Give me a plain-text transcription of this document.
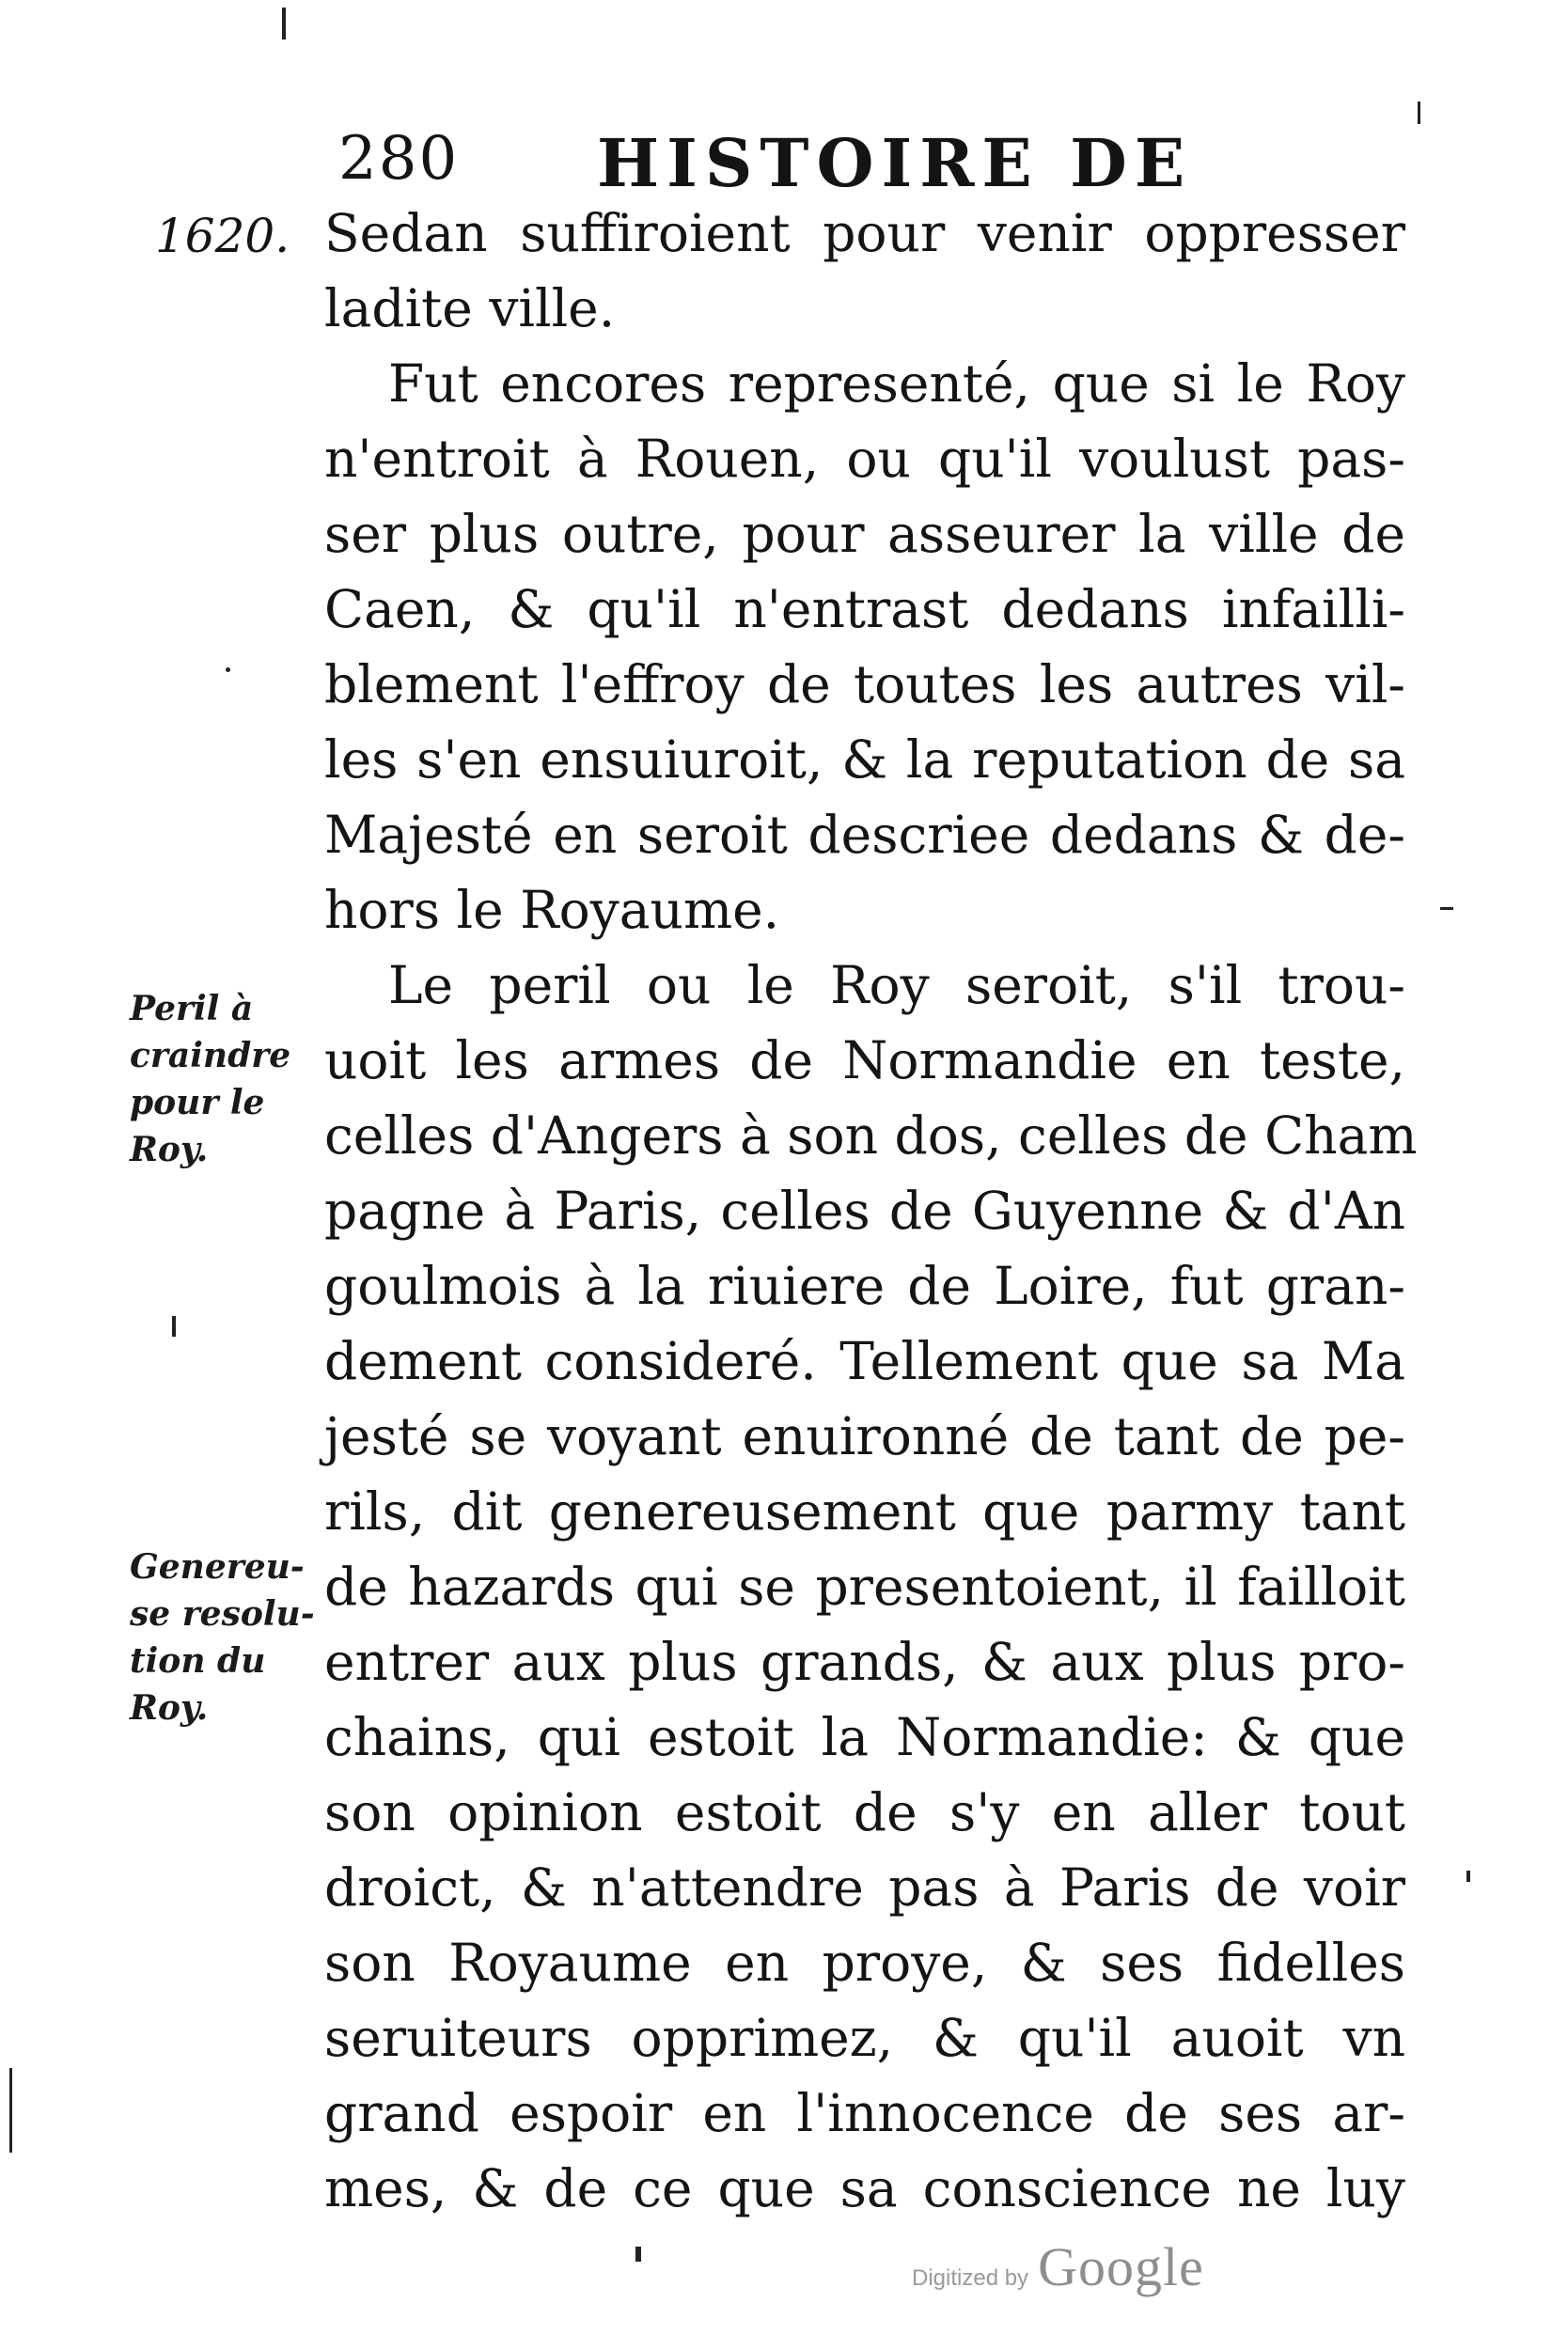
280 HISTOIRE DE
1620.
Peril à
craindre
pour le
Roy.
Genereu-
se resolu-
tion du
Roy.
Sedan suffiroient pour venir oppresser
ladite ville.
Fut encores representé, que si le Roy
n'entroit à Rouen, ou qu'il voulust pas-
ser plus outre, pour asseurer la ville de
Caen, & qu'il n'entrast dedans infailli-
blement l'effroy de toutes les autres vil-
les s'en ensuiuroit, & la reputation de sa
Majesté en seroit descriee dedans & de-
hors le Royaume.
Le peril ou le Roy seroit, s'il trou-
uoit les armes de Normandie en teste,
celles d'Angers à son dos, celles de Cham
pagne à Paris, celles de Guyenne & d'An
goulmois à la riuiere de Loire, fut gran-
dement consideré. Tellement que sa Ma
jesté se voyant enuironné de tant de pe-
rils, dit genereusement que parmy tant
de hazards qui se presentoient, il failloit
entrer aux plus grands, & aux plus pro-
chains, qui estoit la Normandie: & que
son opinion estoit de s'y en aller tout
droict, & n'attendre pas à Paris de voir
son Royaume en proye, & ses fidelles
seruiteurs opprimez, & qu'il auoit vn
grand espoir en l'innocence de ses ar-
mes, & de ce que sa conscience ne luy
Digitized by Google
